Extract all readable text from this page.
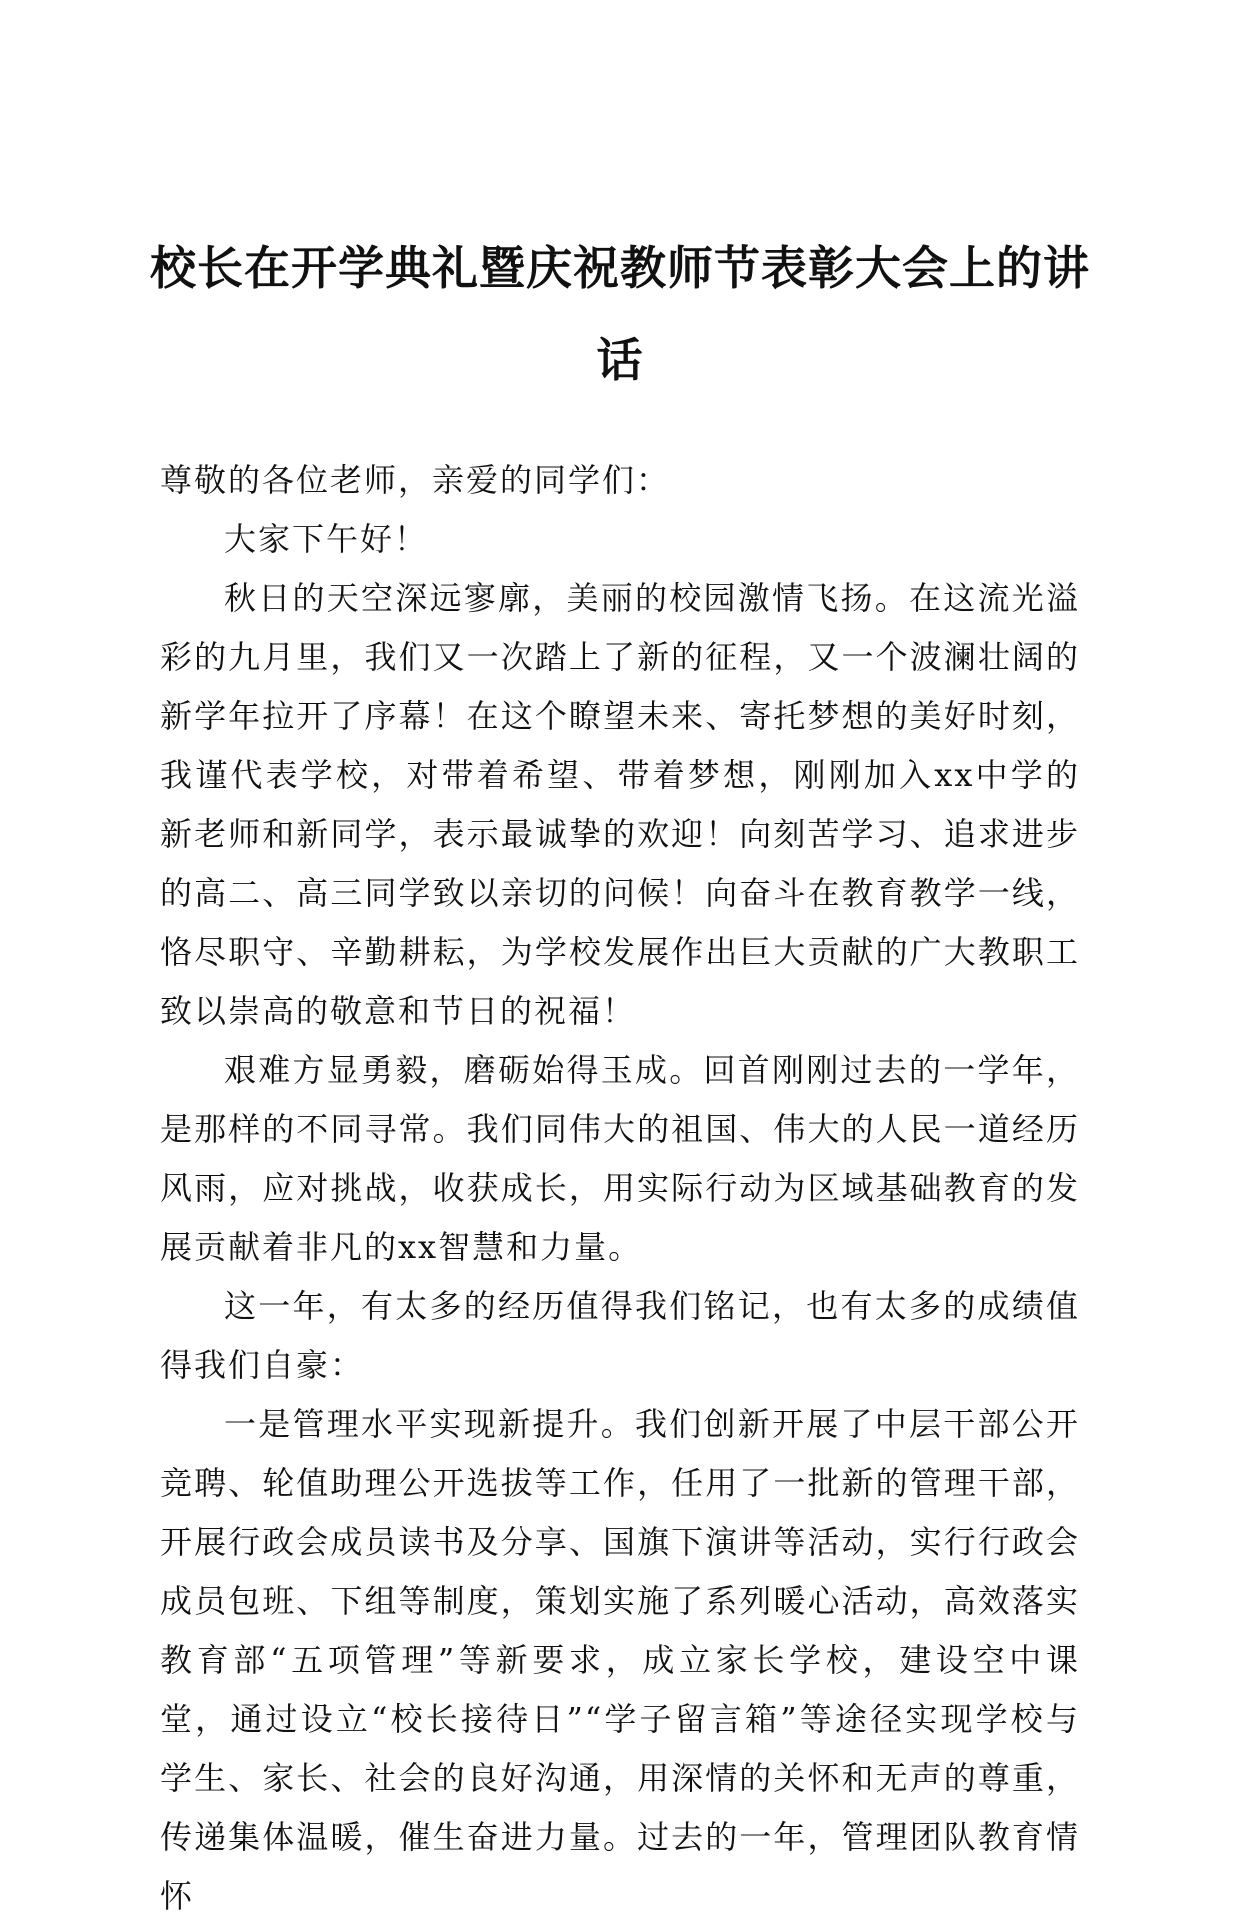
校长在开学典礼暨庆祝教师节表彰大会上的讲话

尊敬的各位老师，亲爱的同学们：

大家下午好！

秋日的天空深远寥廓，美丽的校园激情飞扬。在这流光溢彩的九月里，我们又一次踏上了新的征程，又一个波澜壮阔的新学年拉开了序幕！在这个瞭望未来、寄托梦想的美好时刻，我谨代表学校，对带着希望、带着梦想，刚刚加入xx中学的新老师和新同学，表示最诚挚的欢迎！向刻苦学习、追求进步的高二、高三同学致以亲切的问候！向奋斗在教育教学一线，恪尽职守、辛勤耕耘，为学校发展作出巨大贡献的广大教职工致以崇高的敬意和节日的祝福！

艰难方显勇毅，磨砺始得玉成。回首刚刚过去的一学年，是那样的不同寻常。我们同伟大的祖国、伟大的人民一道经历风雨，应对挑战，收获成长，用实际行动为区域基础教育的发展贡献着非凡的xx智慧和力量。

这一年，有太多的经历值得我们铭记，也有太多的成绩值得我们自豪：

一是管理水平实现新提升。我们创新开展了中层干部公开竞聘、轮值助理公开选拔等工作，任用了一批新的管理干部，开展行政会成员读书及分享、国旗下演讲等活动，实行行政会成员包班、下组等制度，策划实施了系列暖心活动，高效落实教育部“五项管理”等新要求，成立家长学校，建设空中课堂，通过设立“校长接待日”“学子留言箱”等途径实现学校与学生、家长、社会的良好沟通，用深情的关怀和无声的尊重，传递集体温暖，催生奋进力量。过去的一年，管理团队教育情怀
